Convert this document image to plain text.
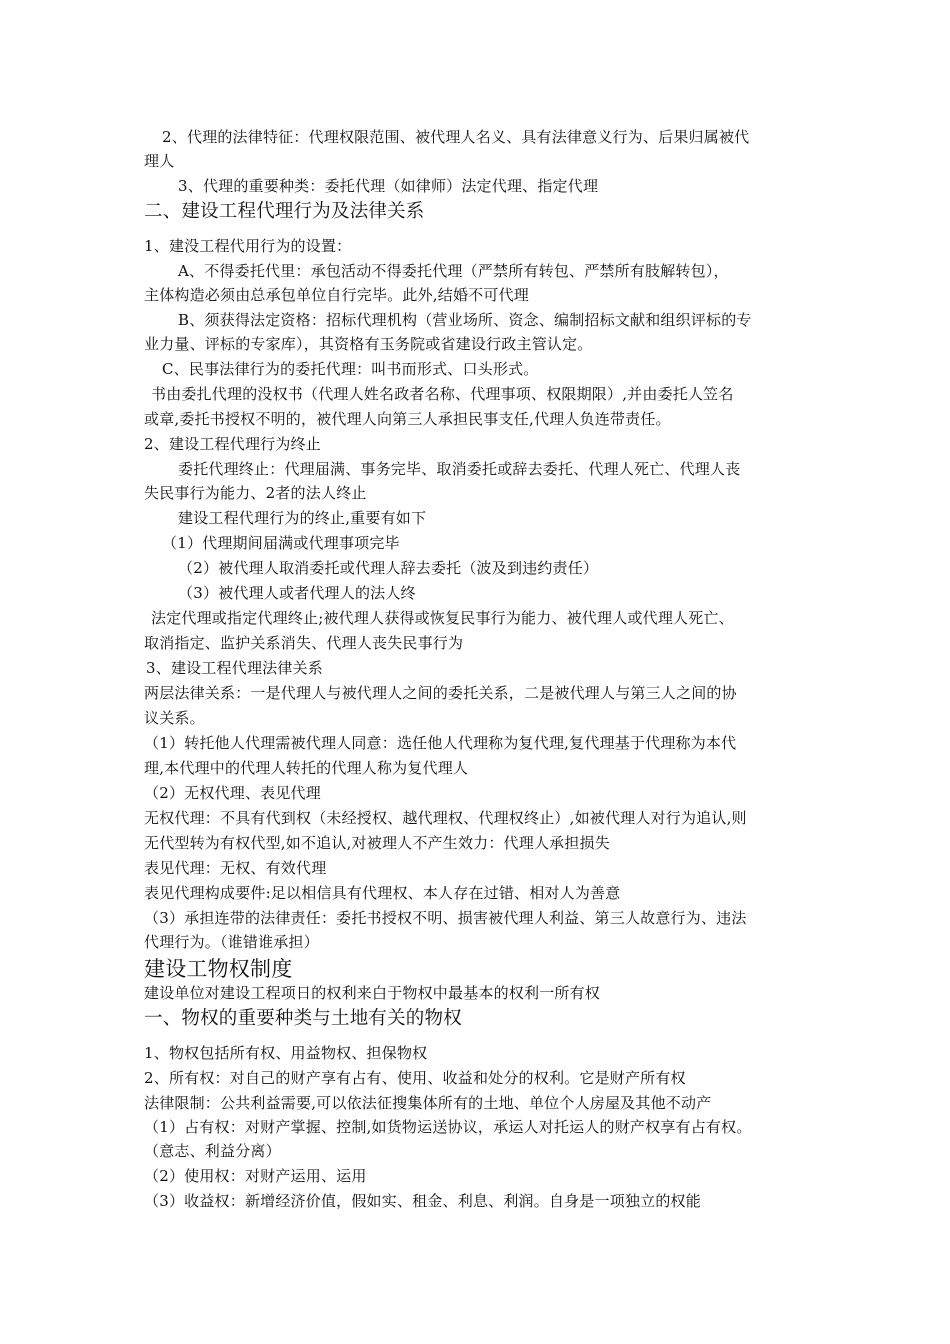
2、代理的法律特征：代理权限范围、被代理人名义、具有法律意义行为、后果归属被代
理人
3、代理的重要种类：委托代理（如律师）法定代理、指定代理
二、建设工程代理行为及法律关系
1、建没工程代用行为的设置：
A、不得委托代里：承包活动不得委托代理（严禁所有转包、严禁所有肢解转包），
主体构造必须由总承包单位自行完毕。此外,结婚不可代理
B、须获得法定资格：招标代理机构（营业场所、资念、编制招标文献和组织评标的专
业力量、评标的专家库），其资格有玉务院或省建设行政主管认定。
C、民事法律行为的委托代理：叫书而形式、口头形式。
书由委扎代理的没权书（代理人姓名政者名称、代理事项、权限期限）,并由委托人笠名
或章,委托书授权不明的，被代理人向第三人承担民事支任,代理人负连带责任。
2、建设工程代理行为终止
委托代理终止：代理届满、事务完毕、取消委托或辞去委托、代理人死亡、代理人丧
失民事行为能力、2者的法人终止
建设工程代理行为的终止,重要有如下
（1）代理期间届满或代理事项完毕
（2）被代理人取消委托或代理人辞去委托（波及到违约责任）
（3）被代理人或者代理人的法人终
法定代理或指定代理终止;被代理人获得或恢复民事行为能力、被代理人或代理人死亡、
取消指定、监护关系消失、代理人丧失民事行为
3、建设工程代理法律关系
两层法律关系：一是代理人与被代理人之间的委托关系，二是被代理人与第三人之间的协
议关系。
（1）转托他人代理需被代理人同意：选任他人代理称为复代理,复代理基于代理称为本代
理,本代理中的代理人转托的代理人称为复代理人
（2）无权代理、表见代理
无权代理：不具有代到权（未经授权、越代理权、代理权终止）,如被代理人对行为追认,则
无代型转为有权代型,如不追认,对被理人不产生效力：代理人承担损失
表见代理：无权、有效代理
表见代理构成要件:足以相信具有代理权、本人存在过错、相对人为善意
（3）承担连带的法律责任：委托书授权不明、损害被代理人利益、第三人故意行为、违法
代理行为。（谁错谁承担）
建设工物权制度
建设单位对建设工程项日的权利来白于物权中最基本的权利一所有权
一、物权的重要种类与土地有关的物权
1、物权包括所有权、用益物权、担保物权
2、所有权：对自己的财产享有占有、使用、收益和处分的权利。它是财产所有权
法律限制：公共利益需要,可以依法征搜集体所有的土地、单位个人房屋及其他不动产
（1）占有权：对财产掌握、控制,如货物运送协议，承运人对托运人的财产权享有占有权。
（意志、利益分离）
（2）使用权：对财产运用、运用
（3）收益权：新增经济价值，假如实、租金、利息、利润。自身是一项独立的权能
